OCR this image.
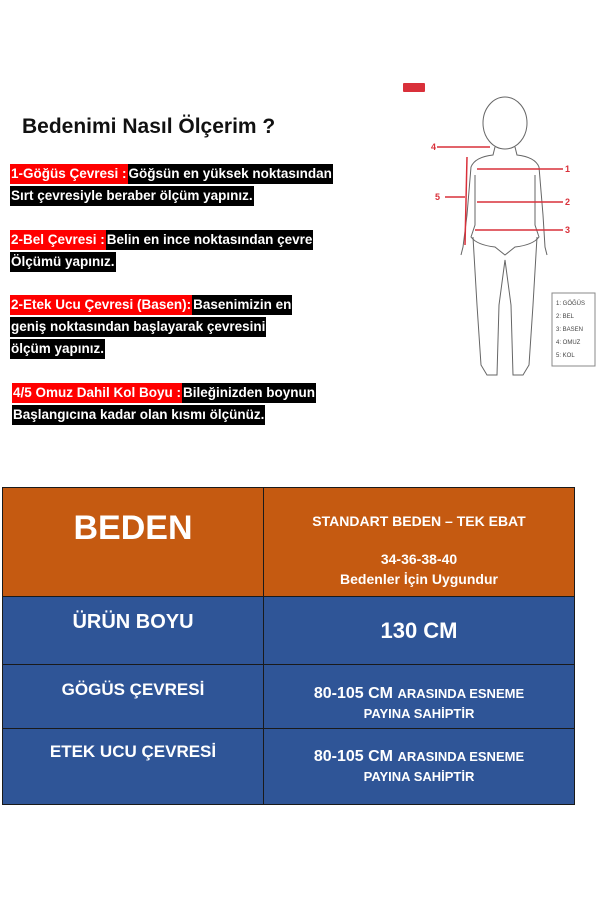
Bedenimi Nasıl Ölçerim ?
1-Göğüs Çevresi : Göğsün en yüksek noktasından
Sırt çevresiyle beraber ölçüm yapınız.
2-Bel Çevresi : Belin en ince noktasından çevre
Ölçümü yapınız.
2-Etek Ucu Çevresi (Basen): Basenimizin en
geniş noktasından başlayarak çevresini
ölçüm yapınız.
4/5 Omuz Dahil Kol Boyu : Bileğinizden boynun
Başlangıcına kadar olan kısmı ölçünüz.
1
2
3
4
5
1: GÖĞÜS
2: BEL
3: BASEN
4: OMUZ
5: KOL
BEDEN	STANDART BEDEN – TEK EBAT
34-36-38-40
Bedenler İçin Uygundur

ÜRÜN BOYU	130 CM

GÖGÜS ÇEVRESİ	80-105 CM ARASINDA ESNEME
PAYINA SAHİPTİR

ETEK UCU ÇEVRESİ	80-105 CM ARASINDA ESNEME
PAYINA SAHİPTİR
